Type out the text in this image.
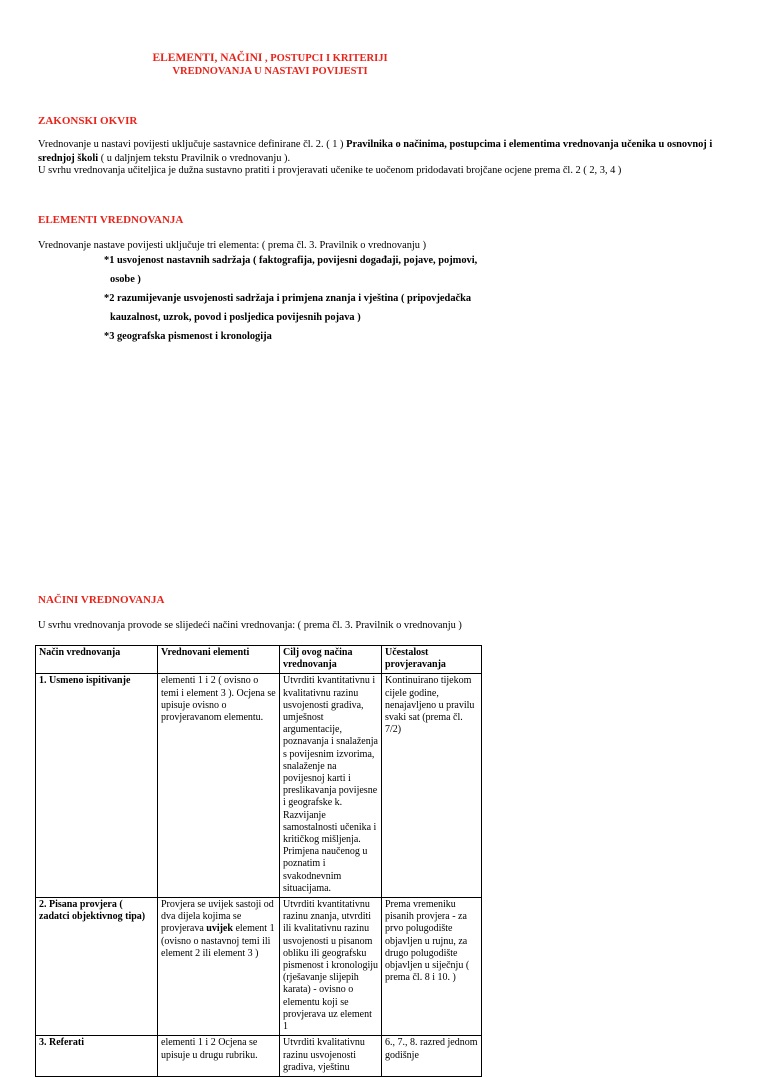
ELEMENTI, NAČINI , POSTUPCI I KRITERIJI
VREDNOVANJA U NASTAVI POVIJESTI
ZAKONSKI OKVIR
Vrednovanje u nastavi povijesti uključuje sastavnice definirane čl. 2. ( 1 ) Pravilnika o načinima, postupcima i elementima vrednovanja učenika u osnovnoj i srednjoj školi ( u daljnjem tekstu Pravilnik o vrednovanju ).
U svrhu vrednovanja učiteljica je dužna sustavno pratiti i provjeravati učenike te uočenom pridodavati brojčane ocjene prema čl. 2 ( 2, 3, 4 )
ELEMENTI VREDNOVANJA
Vrednovanje nastave povijesti uključuje tri elementa: ( prema čl. 3. Pravilnik o vrednovanju )
*1 usvojenost nastavnih sadržaja ( faktografija, povijesni događaji, pojave, pojmovi,
osobe )
*2 razumijevanje usvojenosti sadržaja i primjena znanja i vještina ( pripovjedačka
kauzalnost, uzrok, povod i posljedica povijesnih pojava )
*3 geografska pismenost i kronologija
NAČINI VREDNOVANJA
U svrhu vrednovanja provode se slijedeći načini vrednovanja: ( prema čl. 3. Pravilnik o vrednovanju )
Način vrednovanja	Vrednovani elementi	Cilj ovog načina vrednovanja	Učestalost provjeravanja
1. Usmeno ispitivanje	elementi 1 i 2 ( ovisno o temi i element 3 ). Ocjena se upisuje ovisno o provjeravanom elementu.	Utvrditi kvantitativnu i kvalitativnu razinu usvojenosti gradiva, umješnost argumentacije, poznavanja i snalaženja s povijesnim izvorima, snalaženje na povijesnoj karti i preslikavanja povijesne i geografske k. Razvijanje samostalnosti učenika i kritičkog mišljenja. Primjena naučenog u poznatim i svakodnevnim situacijama.	Kontinuirano tijekom cijele godine, nenajavljeno u pravilu svaki sat (prema čl. 7/2)
2. Pisana provjera ( zadatci objektivnog tipa)	Provjera se uvijek sastoji od dva dijela kojima se provjerava uvijek element 1 (ovisno o nastavnoj temi ili element 2 ili element 3 )	Utvrditi kvantitativnu razinu znanja, utvrditi ili kvalitativnu razinu usvojenosti u pisanom obliku ili geografsku pismenost i kronologiju (rješavanje slijepih karata) - ovisno o elementu koji se provjerava uz element 1	Prema vremeniku pisanih provjera - za prvo polugodište objavljen u rujnu, za drugo polugodište objavljen u siječnju ( prema čl. 8 i 10. )
3. Referati	elementi 1 i 2 Ocjena se upisuje u drugu rubriku.	Utvrditi kvalitativnu razinu usvojenosti gradiva, vještinu	6., 7., 8. razred jednom godišnje
